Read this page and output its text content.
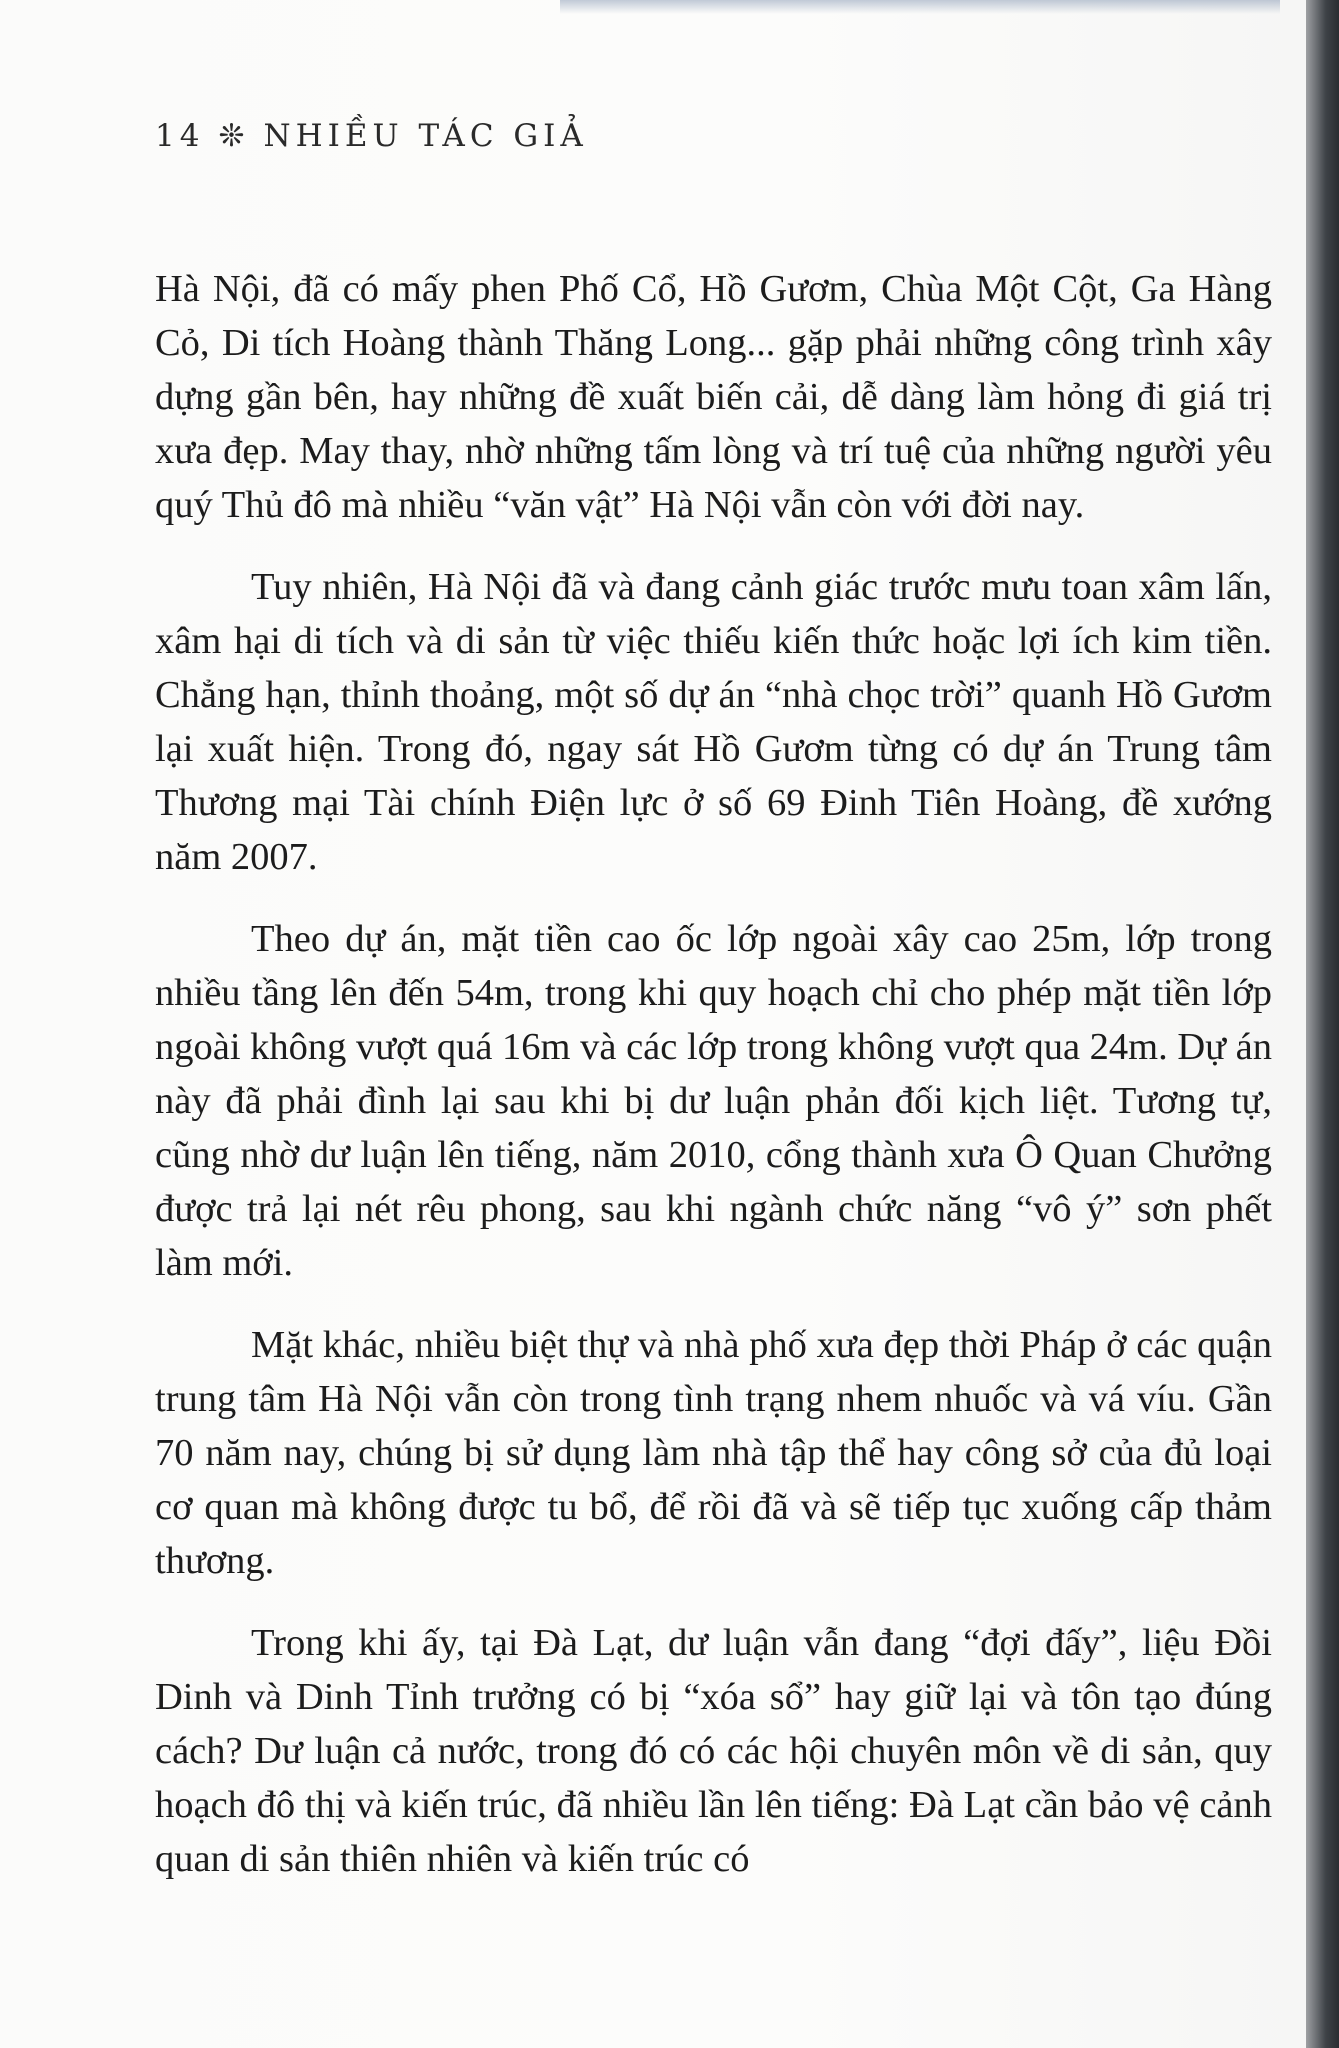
14 ❊ NHIỀU TÁC GIẢ

Hà Nội, đã có mấy phen Phố Cổ, Hồ Gươm, Chùa Một Cột, Ga Hàng Cỏ, Di tích Hoàng thành Thăng Long... gặp phải những công trình xây dựng gần bên, hay những đề xuất biến cải, dễ dàng làm hỏng đi giá trị xưa đẹp. May thay, nhờ những tấm lòng và trí tuệ của những người yêu quý Thủ đô mà nhiều “văn vật” Hà Nội vẫn còn với đời nay.

Tuy nhiên, Hà Nội đã và đang cảnh giác trước mưu toan xâm lấn, xâm hại di tích và di sản từ việc thiếu kiến thức hoặc lợi ích kim tiền. Chẳng hạn, thỉnh thoảng, một số dự án “nhà chọc trời” quanh Hồ Gươm lại xuất hiện. Trong đó, ngay sát Hồ Gươm từng có dự án Trung tâm Thương mại Tài chính Điện lực ở số 69 Đinh Tiên Hoàng, đề xướng năm 2007.

Theo dự án, mặt tiền cao ốc lớp ngoài xây cao 25m, lớp trong nhiều tầng lên đến 54m, trong khi quy hoạch chỉ cho phép mặt tiền lớp ngoài không vượt quá 16m và các lớp trong không vượt qua 24m. Dự án này đã phải đình lại sau khi bị dư luận phản đối kịch liệt. Tương tự, cũng nhờ dư luận lên tiếng, năm 2010, cổng thành xưa Ô Quan Chưởng được trả lại nét rêu phong, sau khi ngành chức năng “vô ý” sơn phết làm mới.

Mặt khác, nhiều biệt thự và nhà phố xưa đẹp thời Pháp ở các quận trung tâm Hà Nội vẫn còn trong tình trạng nhem nhuốc và vá víu. Gần 70 năm nay, chúng bị sử dụng làm nhà tập thể hay công sở của đủ loại cơ quan mà không được tu bổ, để rồi đã và sẽ tiếp tục xuống cấp thảm thương.

Trong khi ấy, tại Đà Lạt, dư luận vẫn đang “đợi đấy”, liệu Đồi Dinh và Dinh Tỉnh trưởng có bị “xóa sổ” hay giữ lại và tôn tạo đúng cách? Dư luận cả nước, trong đó có các hội chuyên môn về di sản, quy hoạch đô thị và kiến trúc, đã nhiều lần lên tiếng: Đà Lạt cần bảo vệ cảnh quan di sản thiên nhiên và kiến trúc có
